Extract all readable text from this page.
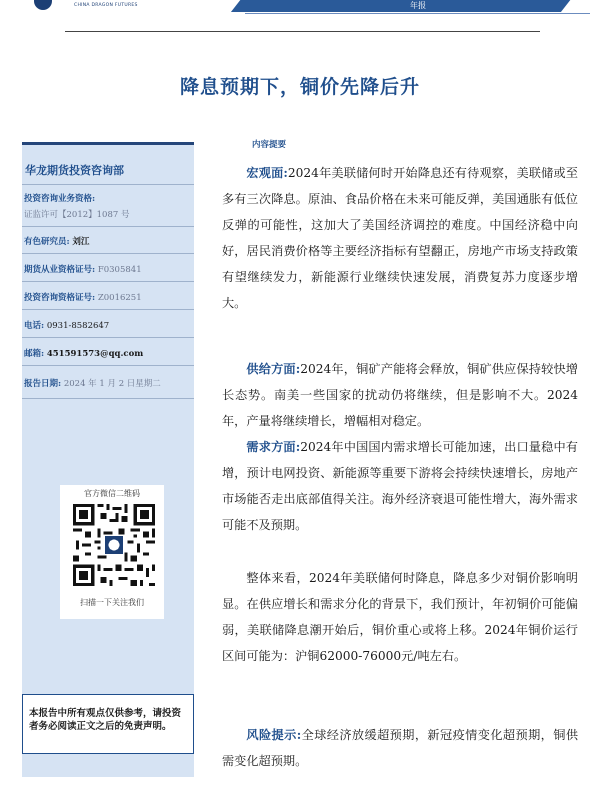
CHINA DRAGON FUTURES	年报
降息预期下，铜价先降后升
华龙期货投资咨询部
投资咨询业务资格:
证监许可【2012】1087 号
有色研究员: 刘江
期货从业资格证号: F0305841
投资咨询资格证号: Z0016251
电话: 0931-8582647
邮箱: 451591573@qq.com
报告日期: 2024 年 1 月 2 日星期二
官方微信二维码
扫描一下关注我们
本报告中所有观点仅供参考，请投资者务必阅读正文之后的免责声明。
内容提要

宏观面:2024年美联储何时开始降息还有待观察，美联储或至多有三次降息。原油、食品价格在未来可能反弹，美国通胀有低位反弹的可能性，这加大了美国经济调控的难度。中国经济稳中向好，居民消费价格等主要经济指标有望翻正，房地产市场支持政策有望继续发力，新能源行业继续快速发展，消费复苏力度逐步增大。

供给方面:2024年，铜矿产能将会释放，铜矿供应保持较快增长态势。南美一些国家的扰动仍将继续，但是影响不大。2024年，产量将继续增长，增幅相对稳定。

需求方面:2024年中国国内需求增长可能加速，出口量稳中有增，预计电网投资、新能源等重要下游将会持续快速增长，房地产市场能否走出底部值得关注。海外经济衰退可能性增大，海外需求可能不及预期。

整体来看，2024年美联储何时降息，降息多少对铜价影响明显。在供应增长和需求分化的背景下，我们预计，年初铜价可能偏弱，美联储降息潮开始后，铜价重心或将上移。2024年铜价运行区间可能为：沪铜62000-76000元/吨左右。

风险提示:全球经济放缓超预期，新冠疫情变化超预期，铜供需变化超预期。
